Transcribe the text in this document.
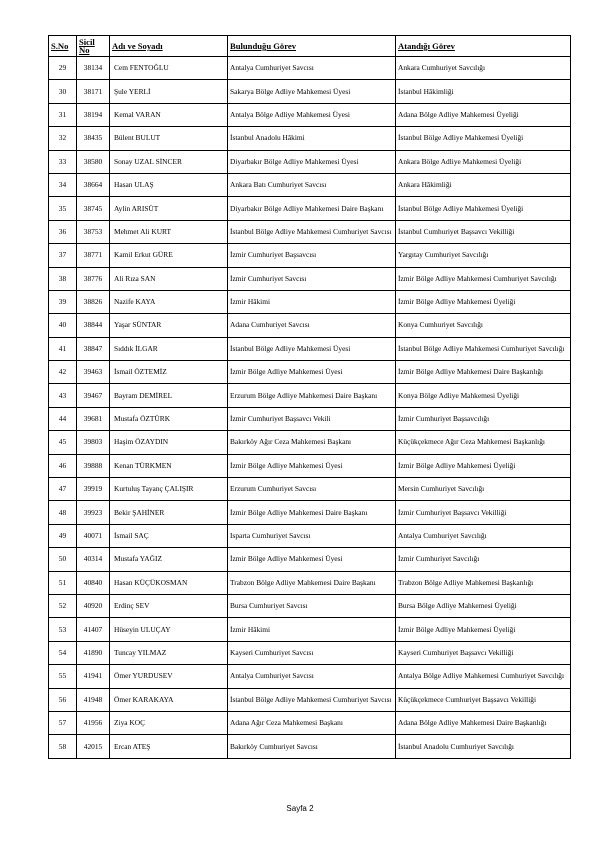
S.No	Sicil No	Adı ve Soyadı	Bulunduğu Görev	Atandığı Görev
29	38134	Cem FENTOĞLU	Antalya Cumhuriyet Savcısı	Ankara Cumhuriyet Savcılığı
30	38171	Şule YERLİ	Sakarya Bölge Adliye Mahkemesi Üyesi	İstanbul Hâkimliği
31	38194	Kemal VARAN	Antalya Bölge Adliye Mahkemesi Üyesi	Adana Bölge Adliye Mahkemesi Üyeliği
32	38435	Bülent BULUT	İstanbul Anadolu Hâkimi	İstanbul Bölge Adliye Mahkemesi Üyeliği
33	38580	Sonay UZAL SİNCER	Diyarbakır Bölge Adliye Mahkemesi Üyesi	Ankara Bölge Adliye Mahkemesi Üyeliği
34	38664	Hasan ULAŞ	Ankara Batı Cumhuriyet Savcısı	Ankara Hâkimliği
35	38745	Aylin ARISÜT	Diyarbakır Bölge Adliye Mahkemesi Daire Başkanı	İstanbul Bölge Adliye Mahkemesi Üyeliği
36	38753	Mehmet Ali KURT	İstanbul Bölge Adliye Mahkemesi Cumhuriyet Savcısı	İstanbul Cumhuriyet Başsavcı Vekilliği
37	38771	Kamil Erkut GÜRE	İzmir Cumhuriyet Başsavcısı	Yargıtay Cumhuriyet Savcılığı
38	38776	Ali Rıza SAN	İzmir Cumhuriyet Savcısı	İzmir Bölge Adliye Mahkemesi Cumhuriyet Savcılığı
39	38826	Nazife KAYA	İzmir Hâkimi	İzmir Bölge Adliye Mahkemesi Üyeliği
40	38844	Yaşar SÜNTAR	Adana Cumhuriyet Savcısı	Konya Cumhuriyet Savcılığı
41	38847	Sıddık İLGAR	İstanbul Bölge Adliye Mahkemesi Üyesi	İstanbul Bölge Adliye Mahkemesi Cumhuriyet Savcılığı
42	39463	İsmail ÖZTEMİZ	İzmir Bölge Adliye Mahkemesi Üyesi	İzmir Bölge Adliye Mahkemesi Daire Başkanlığı
43	39467	Bayram DEMİREL	Erzurum Bölge Adliye Mahkemesi Daire Başkanı	Konya Bölge Adliye Mahkemesi Üyeliği
44	39681	Mustafa ÖZTÜRK	İzmir Cumhuriyet Başsavcı Vekili	İzmir Cumhuriyet Başsavcılığı
45	39803	Haşim ÖZAYDIN	Bakırköy Ağır Ceza Mahkemesi Başkanı	Küçükçekmece Ağır Ceza Mahkemesi Başkanlığı
46	39888	Kenan TÜRKMEN	İzmir Bölge Adliye Mahkemesi Üyesi	İzmir Bölge Adliye Mahkemesi Üyeliği
47	39919	Kurtuluş Tayanç ÇALIŞIR	Erzurum Cumhuriyet Savcısı	Mersin Cumhuriyet Savcılığı
48	39923	Bekir ŞAHİNER	İzmir Bölge Adliye Mahkemesi Daire Başkanı	İzmir Cumhuriyet Başsavcı Vekilliği
49	40071	İsmail SAÇ	Isparta Cumhuriyet Savcısı	Antalya Cumhuriyet Savcılığı
50	40314	Mustafa YAĞIZ	İzmir Bölge Adliye Mahkemesi Üyesi	İzmir Cumhuriyet Savcılığı
51	40840	Hasan KÜÇÜKOSMAN	Trabzon Bölge Adliye Mahkemesi Daire Başkanı	Trabzon Bölge Adliye Mahkemesi Başkanlığı
52	40920	Erdinç SEV	Bursa Cumhuriyet Savcısı	Bursa Bölge Adliye Mahkemesi Üyeliği
53	41407	Hüseyin ULUÇAY	İzmir Hâkimi	İzmir Bölge Adliye Mahkemesi Üyeliği
54	41890	Tuncay YILMAZ	Kayseri Cumhuriyet Savcısı	Kayseri Cumhuriyet Başsavcı Vekilliği
55	41941	Ömer YURDUSEV	Antalya Cumhuriyet Savcısı	Antalya Bölge Adliye Mahkemesi Cumhuriyet Savcılığı
56	41948	Ömer KARAKAYA	İstanbul Bölge Adliye Mahkemesi Cumhuriyet Savcısı	Küçükçekmece Cumhuriyet Başsavcı Vekilliği
57	41956	Ziya KOÇ	Adana Ağır Ceza Mahkemesi Başkanı	Adana Bölge Adliye Mahkemesi Daire Başkanlığı
58	42015	Ercan ATEŞ	Bakırköy Cumhuriyet Savcısı	İstanbul Anadolu Cumhuriyet Savcılığı
Sayfa 2
